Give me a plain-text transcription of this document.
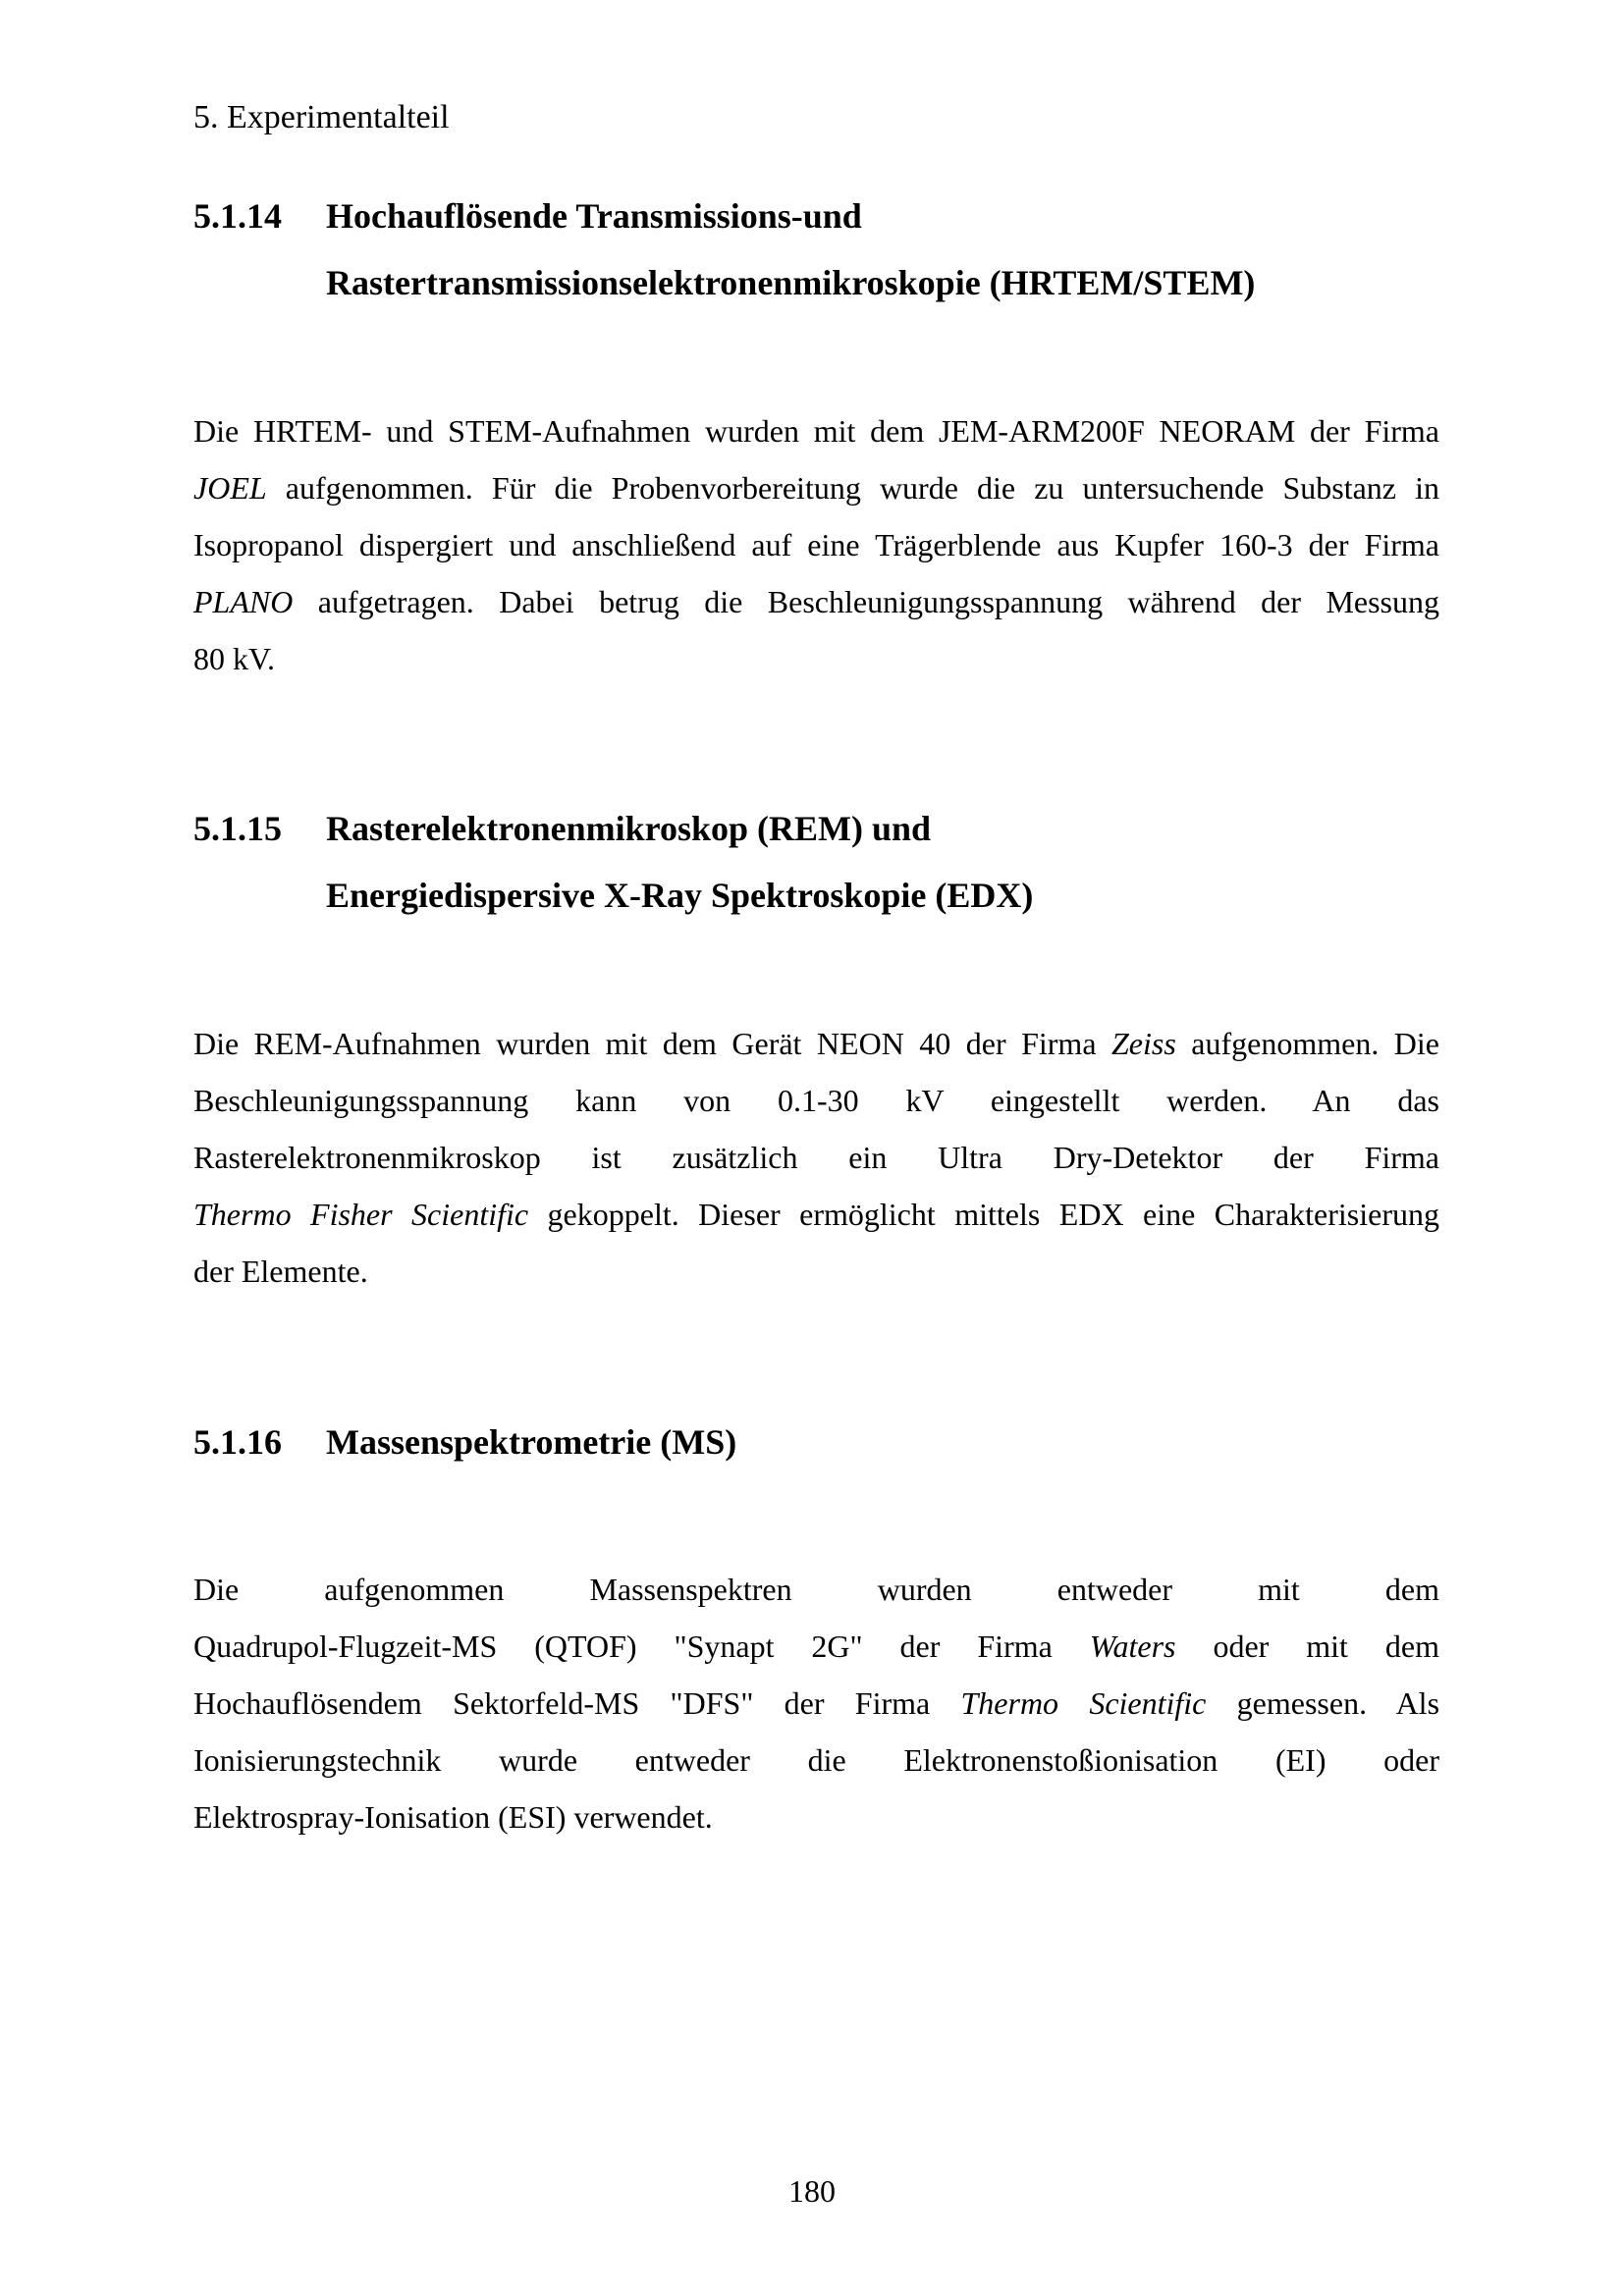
5. Experimentalteil
5.1.14	Hochauflösende Transmissions-und
Rastertransmissionselektronenmikroskopie (HRTEM/STEM)
Die HRTEM- und STEM-Aufnahmen wurden mit dem JEM-ARM200F NEORAM der Firma
JOEL aufgenommen. Für die Probenvorbereitung wurde die zu untersuchende Substanz in
Isopropanol dispergiert und anschließend auf eine Trägerblende aus Kupfer 160-3 der Firma
PLANO aufgetragen. Dabei betrug die Beschleunigungsspannung während der Messung
80 kV.
5.1.15	Rasterelektronenmikroskop (REM) und
Energiedispersive X-Ray Spektroskopie (EDX)
Die REM-Aufnahmen wurden mit dem Gerät NEON 40 der Firma Zeiss aufgenommen. Die
Beschleunigungsspannung kann von 0.1-30 kV eingestellt werden. An das
Rasterelektronenmikroskop ist zusätzlich ein Ultra Dry-Detektor der Firma
Thermo Fisher Scientific gekoppelt. Dieser ermöglicht mittels EDX eine Charakterisierung
der Elemente.
5.1.16	Massenspektrometrie (MS)
Die aufgenommen Massenspektren wurden entweder mit dem
Quadrupol-Flugzeit-MS (QTOF) "Synapt 2G" der Firma Waters oder mit dem
Hochauflösendem Sektorfeld-MS "DFS" der Firma Thermo Scientific gemessen. Als
Ionisierungstechnik wurde entweder die Elektronenstoßionisation (EI) oder
Elektrospray-Ionisation (ESI) verwendet.
180
